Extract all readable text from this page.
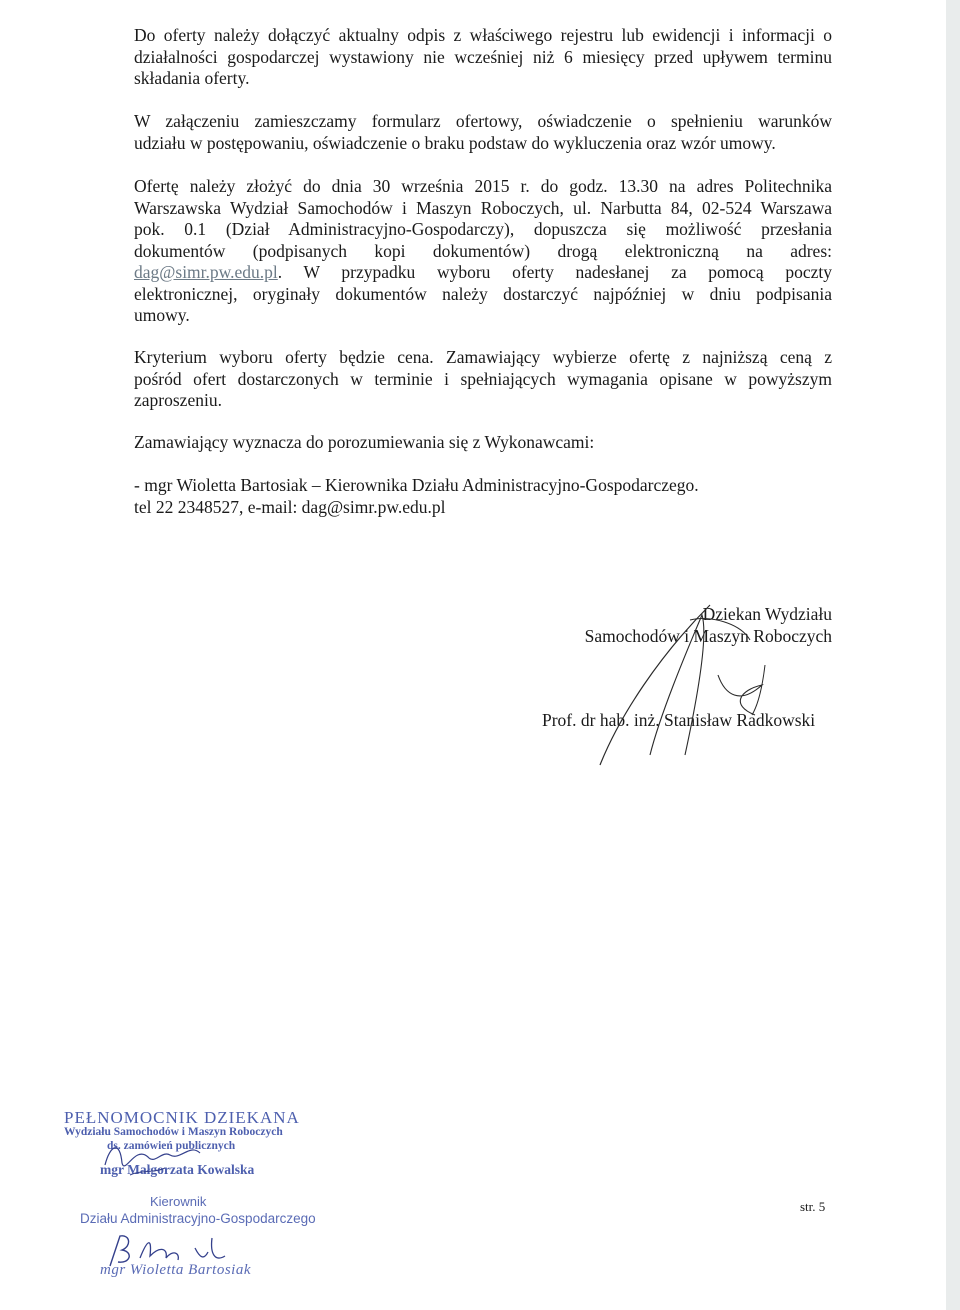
Do oferty należy dołączyć aktualny odpis z właściwego rejestru lub ewidencji i informacji o
działalności gospodarczej wystawiony nie wcześniej niż 6 miesięcy przed upływem terminu
składania oferty.
W załączeniu zamieszczamy formularz ofertowy, oświadczenie o spełnieniu warunków
udziału w postępowaniu, oświadczenie o braku podstaw do wykluczenia oraz wzór umowy.
Ofertę należy złożyć do dnia 30 września 2015 r. do godz. 13.30 na adres Politechnika
Warszawska Wydział Samochodów i Maszyn Roboczych, ul. Narbutta 84, 02-524 Warszawa
pok. 0.1 (Dział Administracyjno-Gospodarczy), dopuszcza się możliwość przesłania
dokumentów (podpisanych kopi dokumentów) drogą elektroniczną na adres:
dag@simr.pw.edu.pl. W przypadku wyboru oferty nadesłanej za pomocą poczty
elektronicznej, oryginały dokumentów należy dostarczyć najpóźniej w dniu podpisania
umowy.
Kryterium wyboru oferty będzie cena. Zamawiający wybierze ofertę z najniższą ceną z
pośród ofert dostarczonych w terminie i spełniających wymagania opisane w powyższym
zaproszeniu.
Zamawiający wyznacza do porozumiewania się z Wykonawcami:
- mgr Wioletta Bartosiak – Kierownika Działu Administracyjno-Gospodarczego.
tel 22 2348527, e-mail: dag@simr.pw.edu.pl
Dziekan Wydziału
Samochodów i Maszyn Roboczych
Prof. dr hab. inż. Stanisław Radkowski
PEŁNOMOCNIK DZIEKANA
Wydziału Samochodów i Maszyn Roboczych
ds. zamówień publicznych
mgr Małgorzata Kowalska
Kierownik
Działu Administracyjno-Gospodarczego
mgr Wioletta Bartosiak
str. 5
